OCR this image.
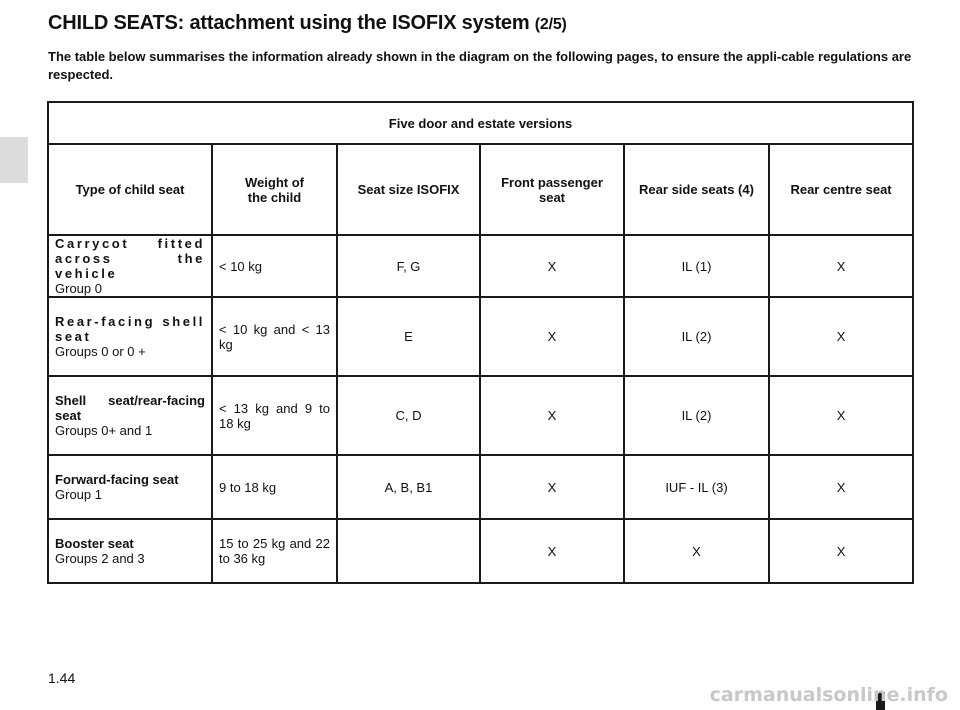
CHILD SEATS: attachment using the ISOFIX system (2/5)

The table below summarises the information already shown in the diagram on the following pages, to ensure the appli-cable regulations are respected.

Five door and estate versions					
Type of child seat	Weight of the child	Seat size ISOFIX	Front passenger seat	Rear side seats (4)	Rear centre seat

Carrycot fitted across the vehicle
Group 0	< 10 kg	F, G	X	IL (1)	X

Rear-facing shell seat
Groups 0 or 0 +	< 10 kg and < 13 kg	E	X	IL (2)	X

Shell seat/rear-facing seat
Groups 0+ and 1	< 13 kg and 9 to 18 kg	C, D	X	IL (2)	X

Forward-facing seat
Group 1	9 to 18 kg	A, B, B1	X	IUF - IL (3)	X

Booster seat
Groups 2 and 3	15 to 25 kg and 22 to 36 kg		X	X	X

1.44

carmanualsonline.info
